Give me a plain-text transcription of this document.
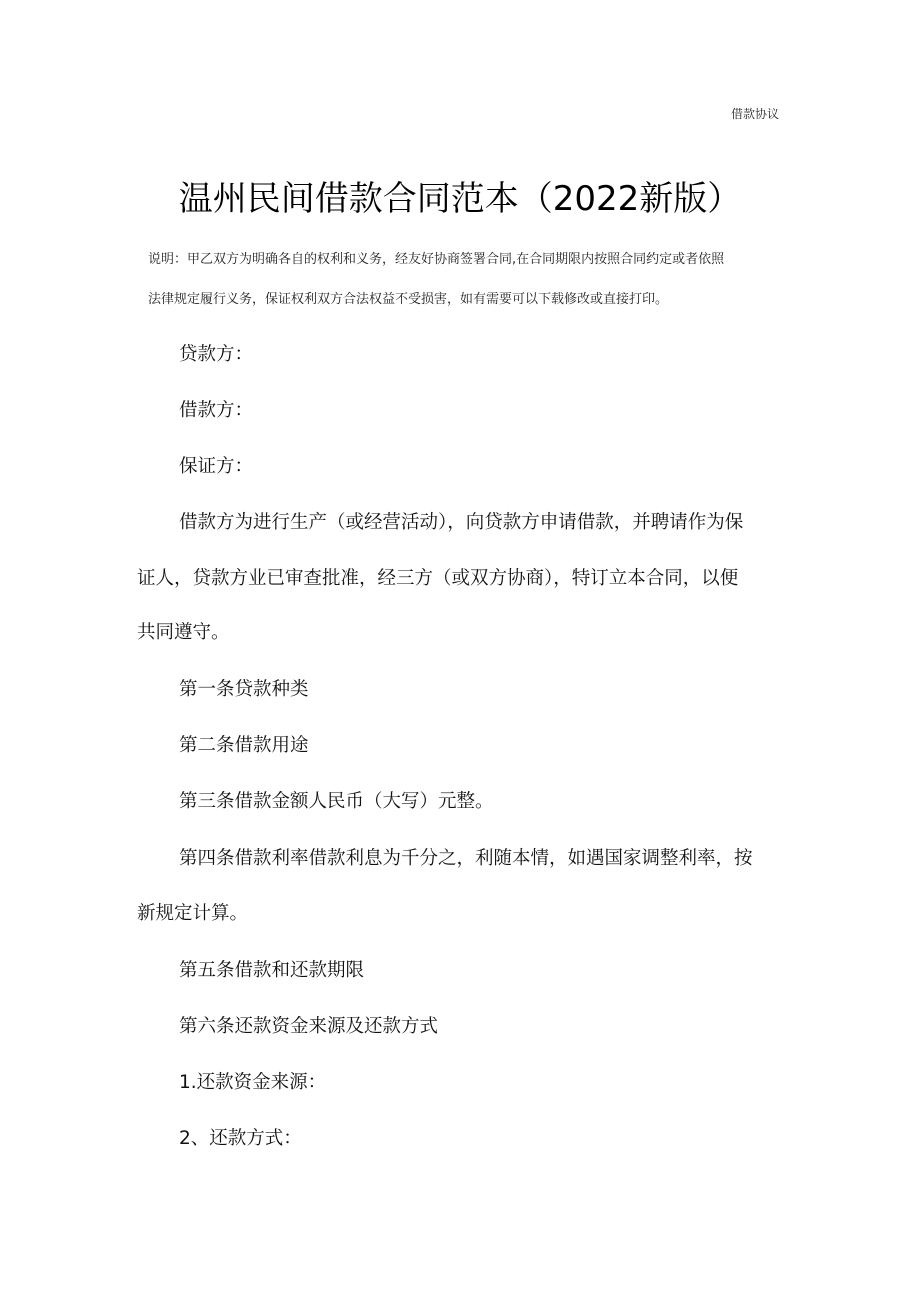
借款协议
温州民间借款合同范本（2022新版）
说明：甲乙双方为明确各自的权利和义务，经友好协商签署合同,在合同期限内按照合同约定或者依照
法律规定履行义务，保证权利双方合法权益不受损害，如有需要可以下载修改或直接打印。
贷款方：
借款方：
保证方：
借款方为进行生产（或经营活动），向贷款方申请借款，并聘请作为保
证人，贷款方业已审查批准，经三方（或双方协商），特订立本合同，以便
共同遵守。
第一条贷款种类
第二条借款用途
第三条借款金额人民币（大写）元整。
第四条借款利率借款利息为千分之，利随本情，如遇国家调整利率，按
新规定计算。
第五条借款和还款期限
第六条还款资金来源及还款方式
1.还款资金来源：
2、还款方式：
